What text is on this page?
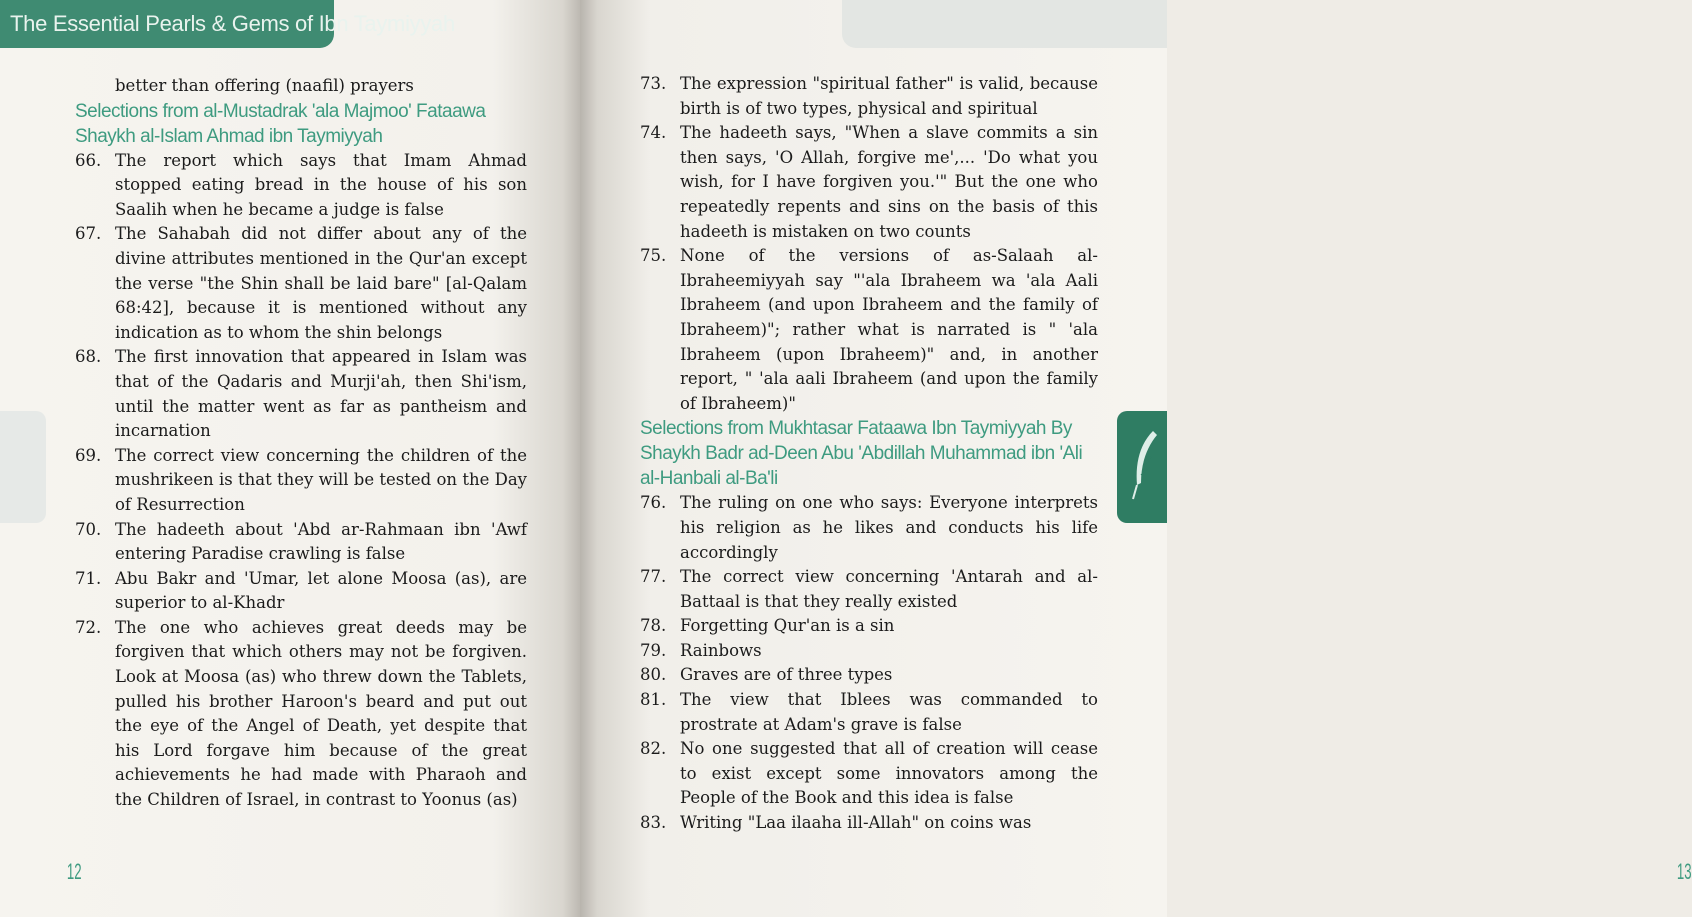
The Essential Pearls & Gems of Ibn Taymiyyah
better than offering (naafil) prayers
Selections from al-Mustadrak 'ala Majmoo' Fataawa Shaykh al-Islam Ahmad ibn Taymiyyah
66. The report which says that Imam Ahmad stopped eating bread in the house of his son Saalih when he became a judge is false
67. The Sahabah did not differ about any of the divine attributes mentioned in the Qur'an except the verse "the Shin shall be laid bare" [al-Qalam 68:42], because it is mentioned without any indication as to whom the shin belongs
68. The first innovation that appeared in Islam was that of the Qadaris and Murji'ah, then Shi'ism, until the matter went as far as pantheism and incarnation
69. The correct view concerning the children of the mushrikeen is that they will be tested on the Day of Resurrection
70. The hadeeth about 'Abd ar-Rahmaan ibn 'Awf entering Paradise crawling is false
71. Abu Bakr and 'Umar, let alone Moosa (as), are superior to al-Khadr
72. The one who achieves great deeds may be forgiven that which others may not be forgiven. Look at Moosa (as) who threw down the Tablets, pulled his brother Haroon's beard and put out the eye of the Angel of Death, yet despite that his Lord forgave him because of the great achievements he had made with Pharaoh and the Children of Israel, in contrast to Yoonus (as)
12
73. The expression "spiritual father" is valid, because birth is of two types, physical and spiritual
74. The hadeeth says, "When a slave commits a sin then says, 'O Allah, forgive me',... 'Do what you wish, for I have forgiven you.'" But the one who repeatedly repents and sins on the basis of this hadeeth is mistaken on two counts
75. None of the versions of as-Salaah al-Ibraheemiyyah say "'ala Ibraheem wa 'ala Aali Ibraheem (and upon Ibraheem and the family of Ibraheem)"; rather what is narrated is " 'ala Ibraheem (upon Ibraheem)" and, in another report, " 'ala aali Ibraheem (and upon the family of Ibraheem)"
Selections from Mukhtasar Fataawa Ibn Taymiyyah By Shaykh Badr ad-Deen Abu 'Abdillah Muhammad ibn 'Ali al-Hanbali al-Ba'li
76. The ruling on one who says: Everyone interprets his religion as he likes and conducts his life accordingly
77. The correct view concerning 'Antarah and al-Battaal is that they really existed
78. Forgetting Qur'an is a sin
79. Rainbows
80. Graves are of three types
81. The view that Iblees was commanded to prostrate at Adam's grave is false
82. No one suggested that all of creation will cease to exist except some innovators among the People of the Book and this idea is false
83. Writing "Laa ilaaha ill-Allah" on coins was
13
